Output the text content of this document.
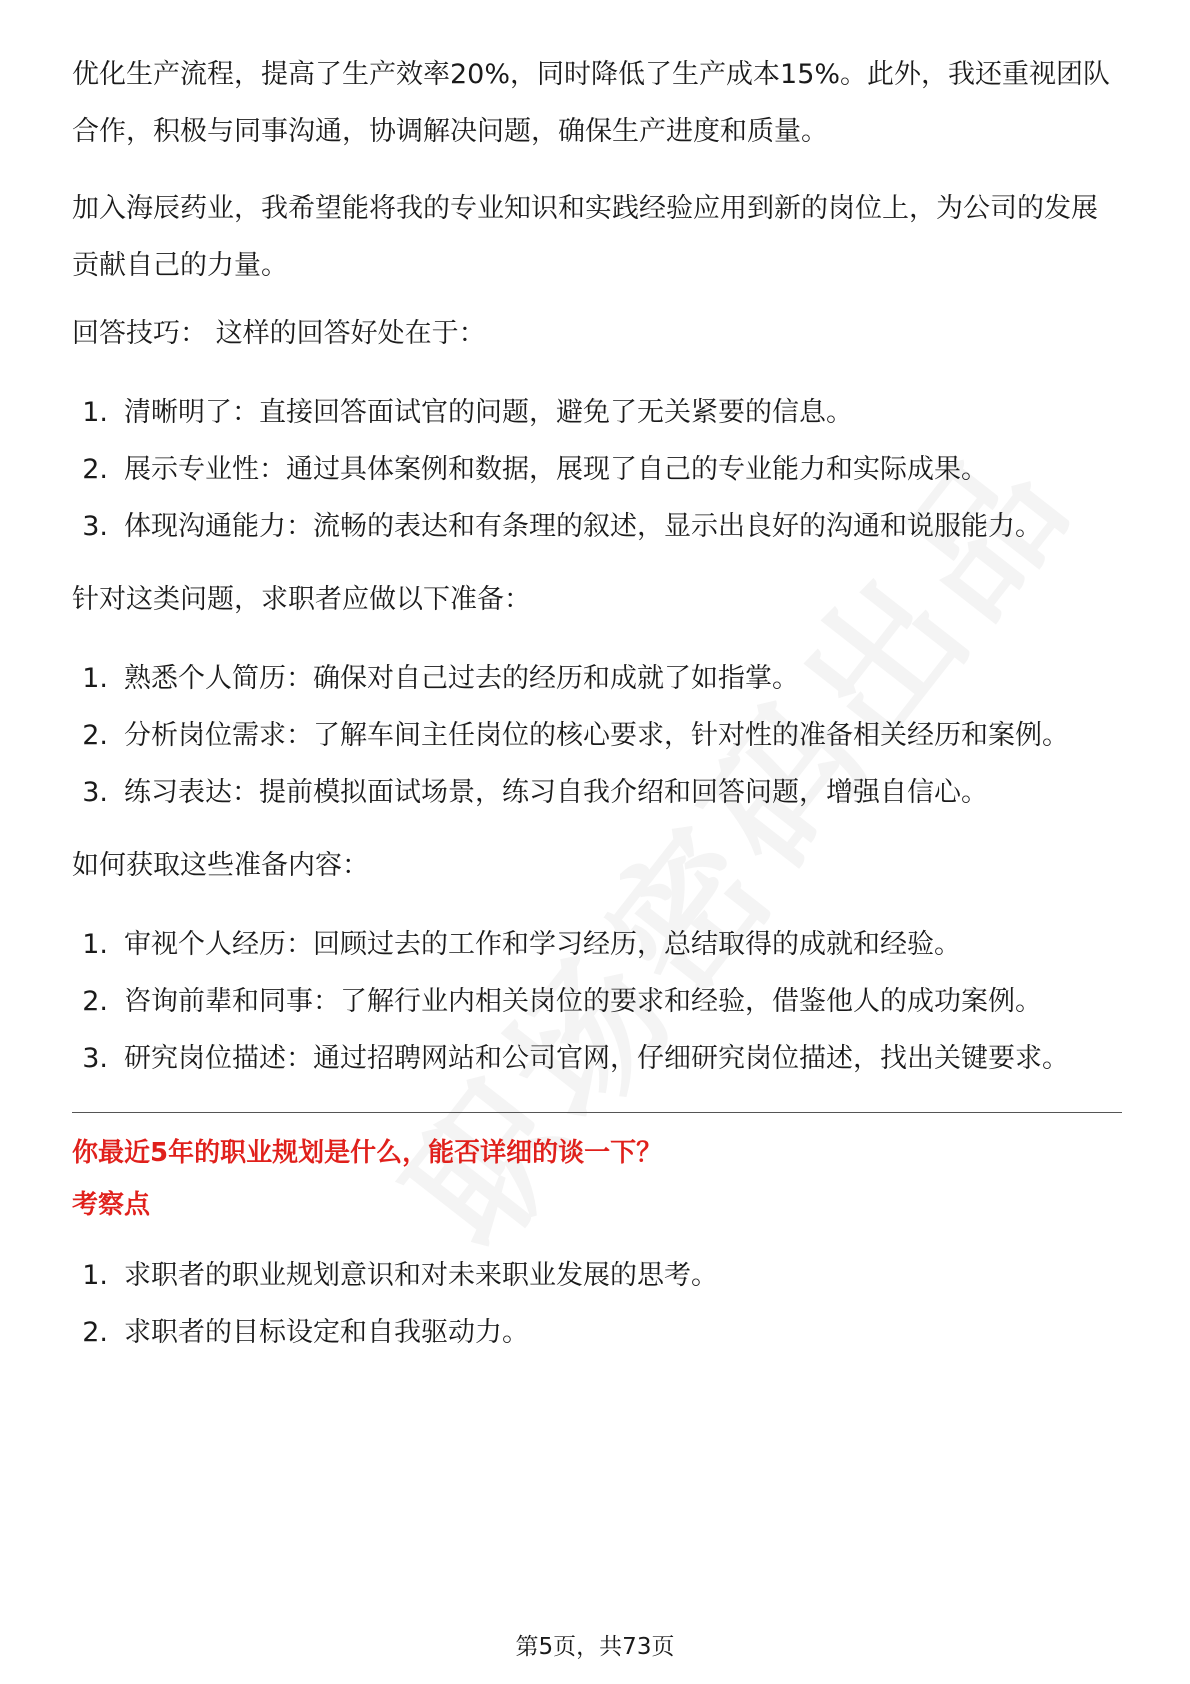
优化生产流程，提高了生产效率20%，同时降低了生产成本15%。此外，我还重视团队合作，积极与同事沟通，协调解决问题，确保生产进度和质量。

加入海辰药业，我希望能将我的专业知识和实践经验应用到新的岗位上，为公司的发展贡献自己的力量。

回答技巧： 这样的回答好处在于：

1. 清晰明了：直接回答面试官的问题，避免了无关紧要的信息。
2. 展示专业性：通过具体案例和数据，展现了自己的专业能力和实际成果。
3. 体现沟通能力：流畅的表达和有条理的叙述，显示出良好的沟通和说服能力。

针对这类问题，求职者应做以下准备：

1. 熟悉个人简历：确保对自己过去的经历和成就了如指掌。
2. 分析岗位需求：了解车间主任岗位的核心要求，针对性的准备相关经历和案例。
3. 练习表达：提前模拟面试场景，练习自我介绍和回答问题，增强自信心。

如何获取这些准备内容：

1. 审视个人经历：回顾过去的工作和学习经历，总结取得的成就和经验。
2. 咨询前辈和同事：了解行业内相关岗位的要求和经验，借鉴他人的成功案例。
3. 研究岗位描述：通过招聘网站和公司官网，仔细研究岗位描述，找出关键要求。

你最近5年的职业规划是什么，能否详细的谈一下？

考察点

1. 求职者的职业规划意识和对未来职业发展的思考。
2. 求职者的目标设定和自我驱动力。
第5页，共73页
